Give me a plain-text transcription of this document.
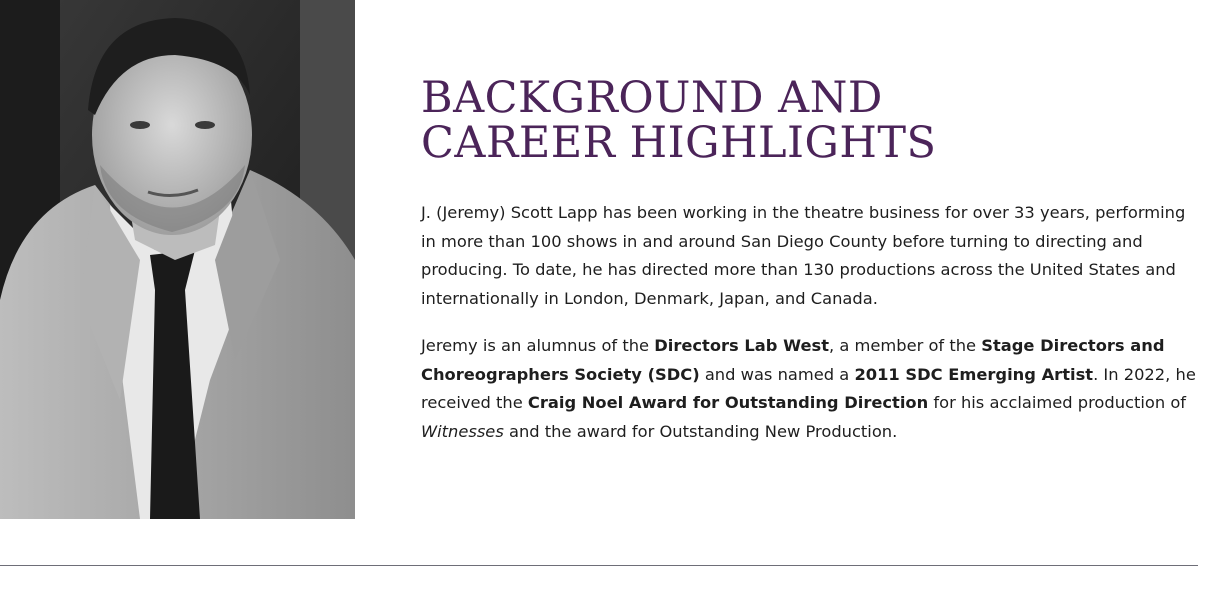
BACKGROUND AND
CAREER HIGHLIGHTS

J. (Jeremy) Scott Lapp has been working in the theatre business for over 33 years, performing in more than 100 shows in and around San Diego County before turning to directing and producing. To date, he has directed more than 130 productions across the United States and internationally in London, Denmark, Japan, and Canada.

Jeremy is an alumnus of the Directors Lab West, a member of the Stage Directors and Choreographers Society (SDC) and was named a 2011 SDC Emerging Artist. In 2022, he received the Craig Noel Award for Outstanding Direction for his acclaimed production of Witnesses and the award for Outstanding New Production.
